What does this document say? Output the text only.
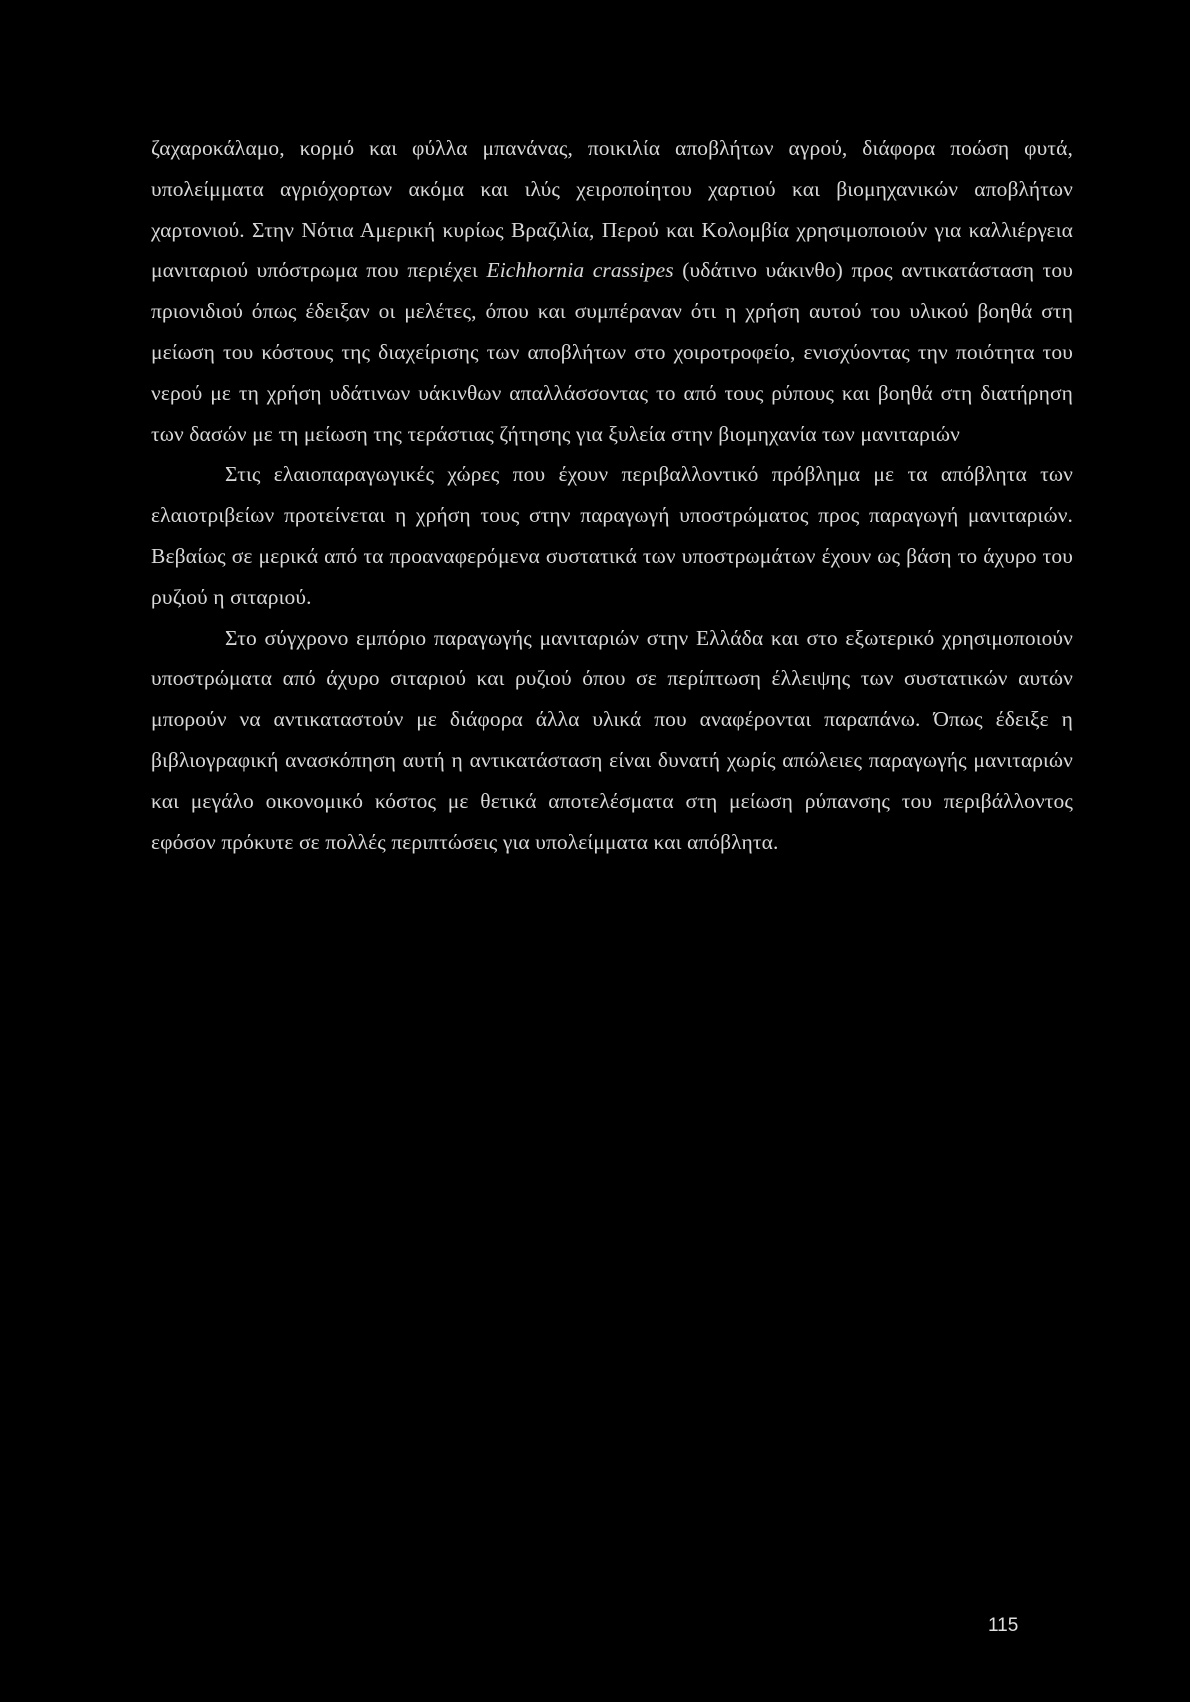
ζαχαροκάλαμο, κορμό και φύλλα μπανάνας, ποικιλία αποβλήτων αγρού, διάφορα ποώση φυτά, υπολείμματα αγριόχορτων ακόμα και ιλύς χειροποίητου χαρτιού και βιομηχανικών αποβλήτων χαρτονιού. Στην Νότια Αμερική κυρίως Βραζιλία, Περού και Κολομβία χρησιμοποιούν για καλλιέργεια μανιταριού υπόστρωμα που περιέχει Eichhornia crassipes (υδάτινο υάκινθο) προς αντικατάσταση του πριονιδιού όπως έδειξαν οι μελέτες, όπου και συμπέραναν ότι η χρήση αυτού του υλικού βοηθά στη μείωση του κόστους της διαχείρισης των αποβλήτων στο χοιροτροφείο, ενισχύοντας την ποιότητα του νερού με τη χρήση υδάτινων υάκινθων απαλλάσσοντας το από τους ρύπους και βοηθά στη διατήρηση των δασών με τη μείωση της τεράστιας ζήτησης για ξυλεία στην βιομηχανία των μανιταριών

Στις ελαιοπαραγωγικές χώρες που έχουν περιβαλλοντικό πρόβλημα με τα απόβλητα των ελαιοτριβείων προτείνεται η χρήση τους στην παραγωγή υποστρώματος προς παραγωγή μανιταριών. Βεβαίως σε μερικά από τα προαναφερόμενα συστατικά των υποστρωμάτων έχουν ως βάση το άχυρο του ρυζιού η σιταριού.

Στο σύγχρονο εμπόριο παραγωγής μανιταριών στην Ελλάδα και στο εξωτερικό χρησιμοποιούν υποστρώματα από άχυρο σιταριού και ρυζιού όπου σε περίπτωση έλλειψης των συστατικών αυτών μπορούν να αντικαταστούν με διάφορα άλλα υλικά που αναφέρονται παραπάνω. Όπως έδειξε η βιβλιογραφική ανασκόπηση αυτή η αντικατάσταση είναι δυνατή χωρίς απώλειες παραγωγής μανιταριών και μεγάλο οικονομικό κόστος με θετικά αποτελέσματα στη μείωση ρύπανσης του περιβάλλοντος εφόσον πρόκυτε σε πολλές περιπτώσεις για υπολείμματα και απόβλητα.

115
